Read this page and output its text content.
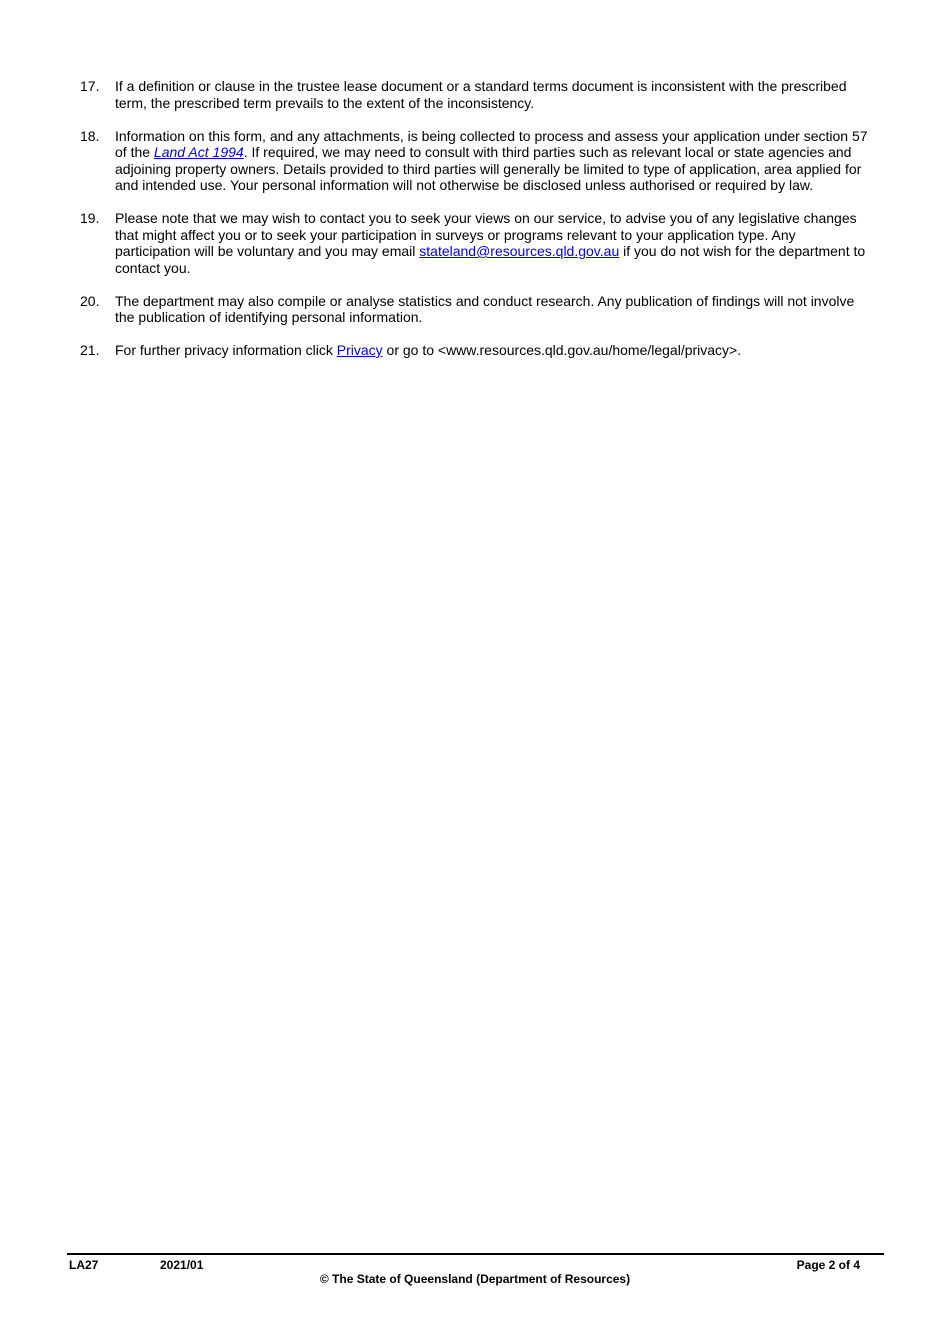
17.	If a definition or clause in the trustee lease document or a standard terms document is inconsistent with the prescribed term, the prescribed term prevails to the extent of the inconsistency.
18.	Information on this form, and any attachments, is being collected to process and assess your application under section 57 of the Land Act 1994. If required, we may need to consult with third parties such as relevant local or state agencies and adjoining property owners. Details provided to third parties will generally be limited to type of application, area applied for and intended use. Your personal information will not otherwise be disclosed unless authorised or required by law.
19.	Please note that we may wish to contact you to seek your views on our service, to advise you of any legislative changes that might affect you or to seek your participation in surveys or programs relevant to your application type. Any participation will be voluntary and you may email stateland@resources.qld.gov.au if you do not wish for the department to contact you.
20.	The department may also compile or analyse statistics and conduct research. Any publication of findings will not involve the publication of identifying personal information.
21.	For further privacy information click Privacy or go to <www.resources.qld.gov.au/home/legal/privacy>.
LA27	2021/01	Page 2 of 4
© The State of Queensland (Department of Resources)
